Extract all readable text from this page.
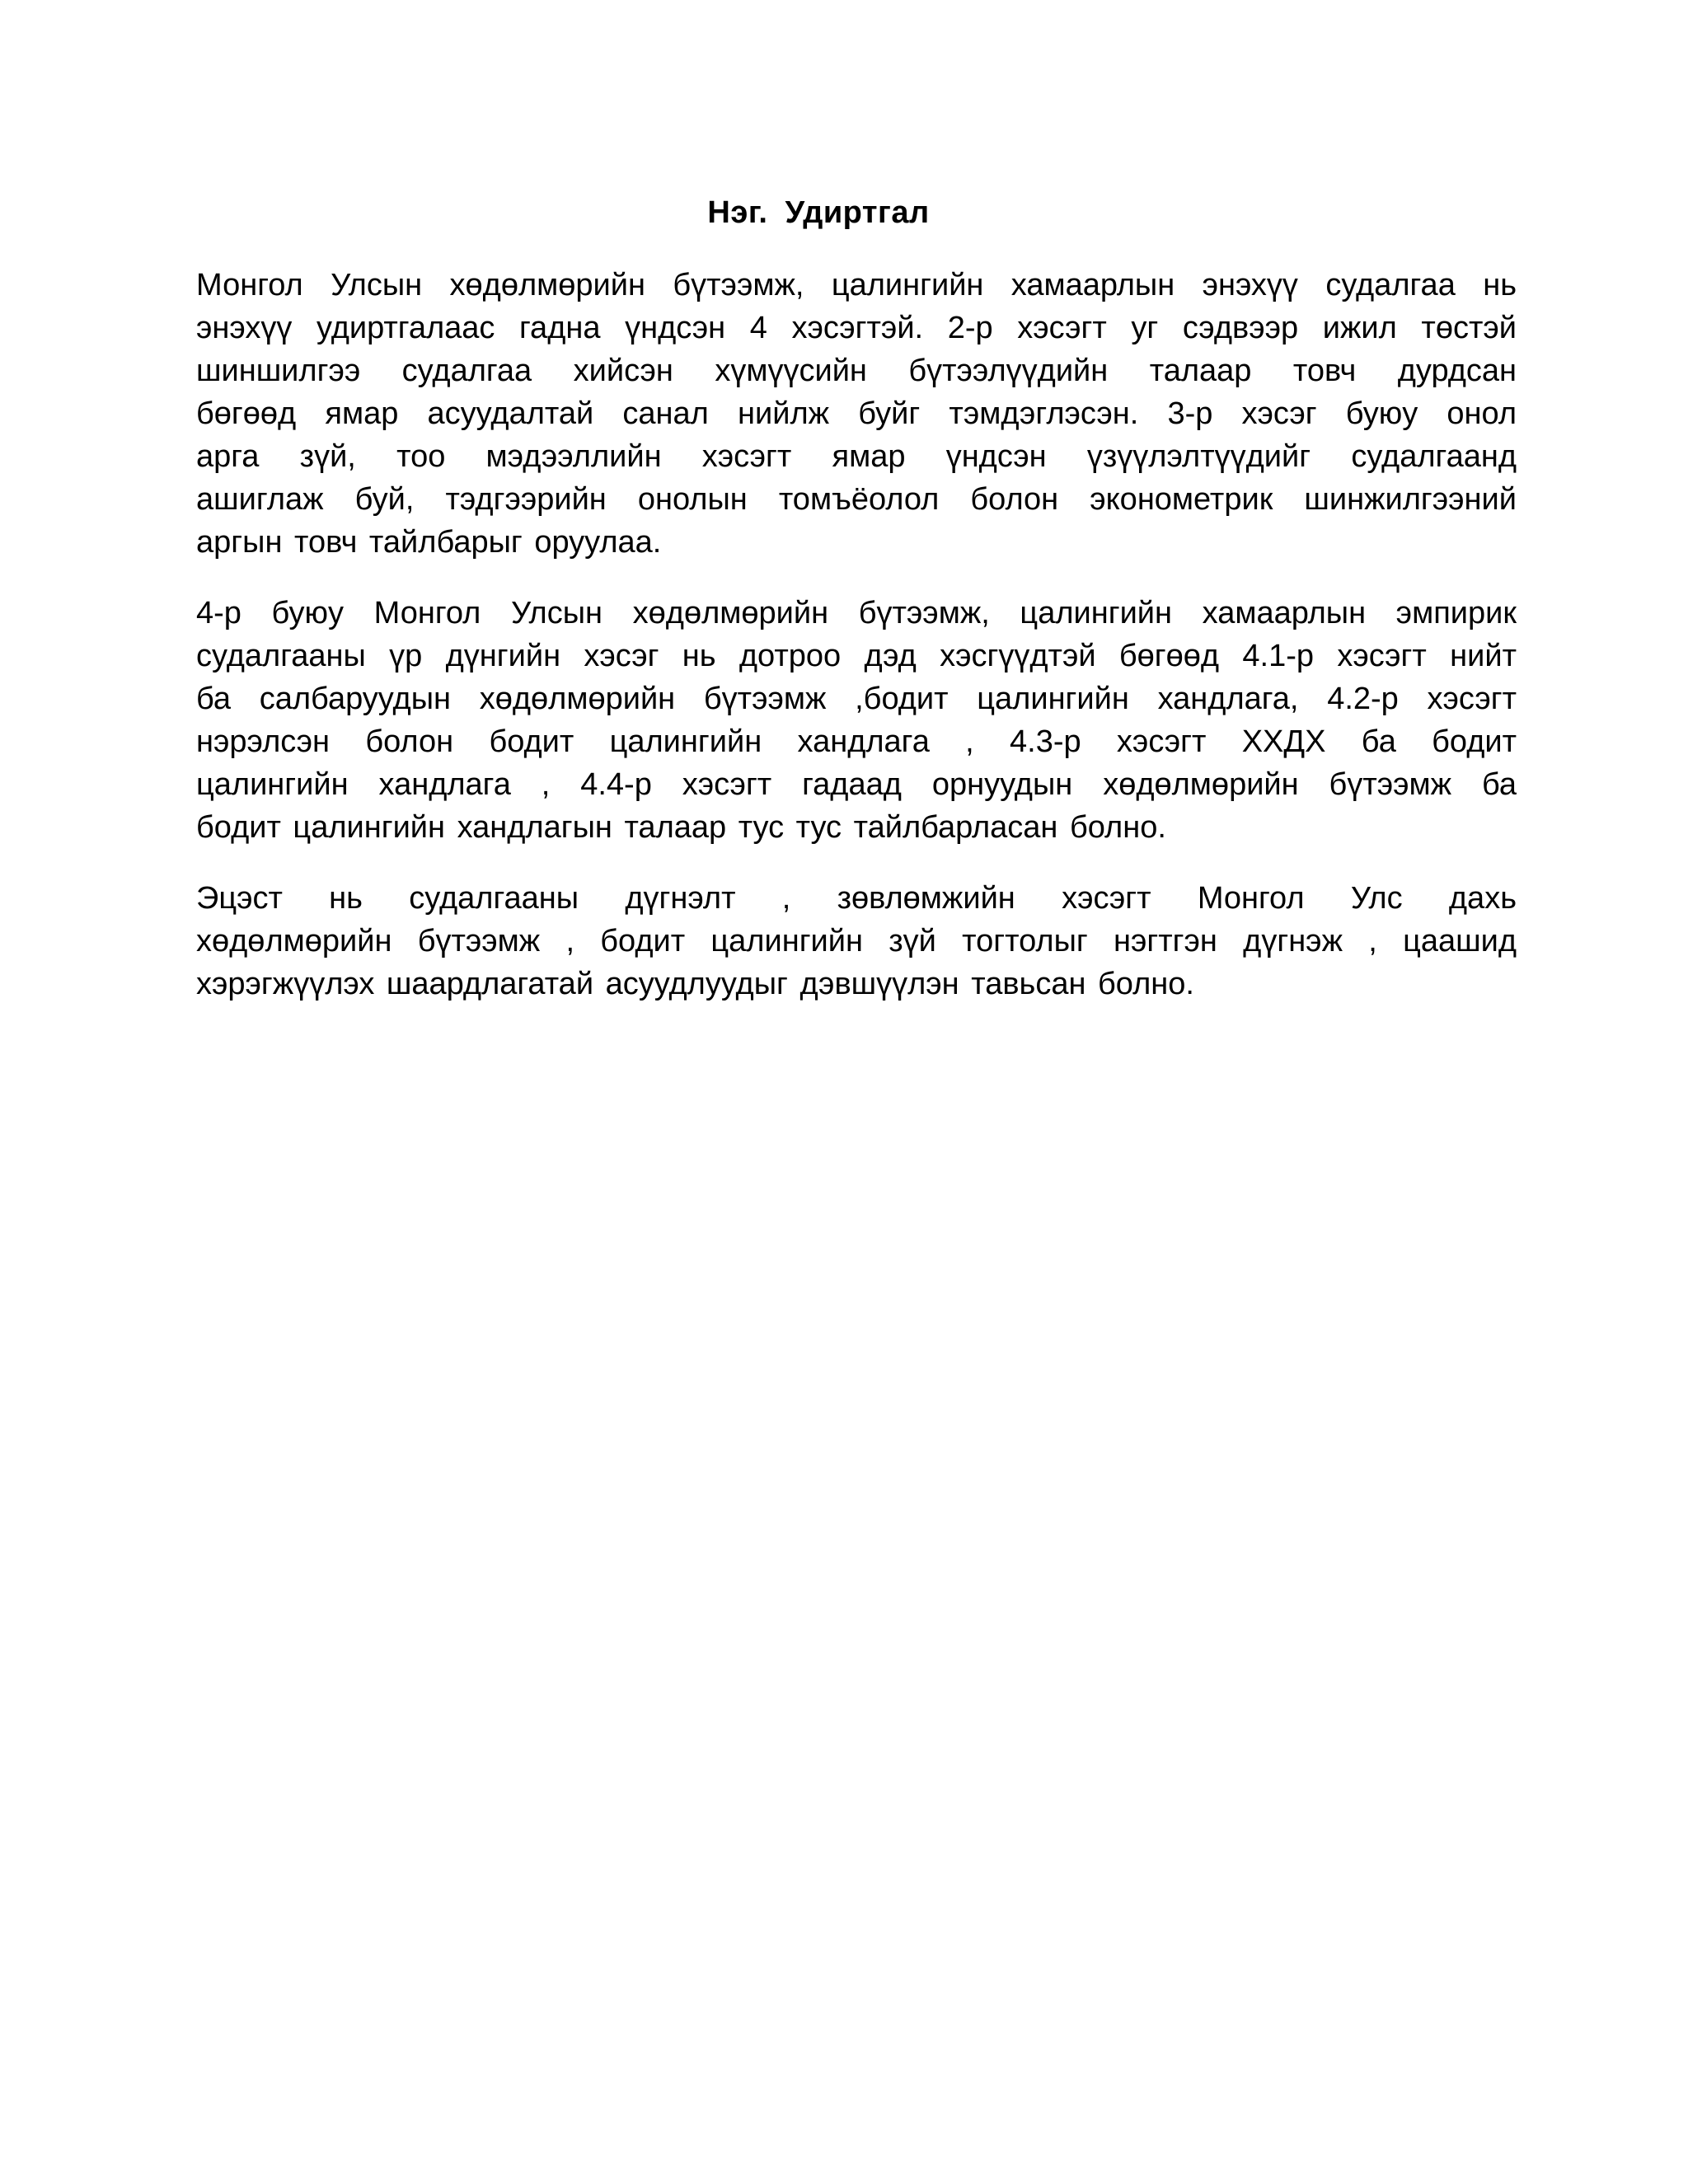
Нэг. Удиртгал

Монгол Улсын хөдөлмөрийн бүтээмж, цалингийн хамаарлын энэхүү судалгаа нь
энэхүү удиртгалаас гадна үндсэн 4 хэсэгтэй. 2-р хэсэгт уг сэдвээр ижил төстэй
шиншилгээ судалгаа хийсэн хүмүүсийн бүтээлүүдийн талаар товч дурдсан
бөгөөд ямар асуудалтай санал нийлж буйг тэмдэглэсэн. 3-р хэсэг буюу онол
арга зүй, тоо мэдээллийн хэсэгт ямар үндсэн үзүүлэлтүүдийг судалгаанд
ашиглаж буй, тэдгээрийн онолын томъёолол болон эконометрик шинжилгээний
аргын товч тайлбарыг оруулаа.

4-р буюу Монгол Улсын хөдөлмөрийн бүтээмж, цалингийн хамаарлын эмпирик
судалгааны үр дүнгийн хэсэг нь дотроо дэд хэсгүүдтэй бөгөөд 4.1-р хэсэгт нийт
ба салбаруудын хөдөлмөрийн бүтээмж ,бодит цалингийн хандлага, 4.2-р хэсэгт
нэрэлсэн болон бодит цалингийн хандлага , 4.3-р хэсэгт ХХДХ ба бодит
цалингийн хандлага , 4.4-р хэсэгт гадаад орнуудын хөдөлмөрийн бүтээмж ба
бодит цалингийн хандлагын талаар тус тус тайлбарласан болно.

Эцэст нь судалгааны дүгнэлт , зөвлөмжийн хэсэгт Монгол Улс дахь
хөдөлмөрийн бүтээмж , бодит цалингийн зүй тогтолыг нэгтгэн дүгнэж , цаашид
хэрэгжүүлэх шаардлагатай асуудлуудыг дэвшүүлэн тавьсан болно.
